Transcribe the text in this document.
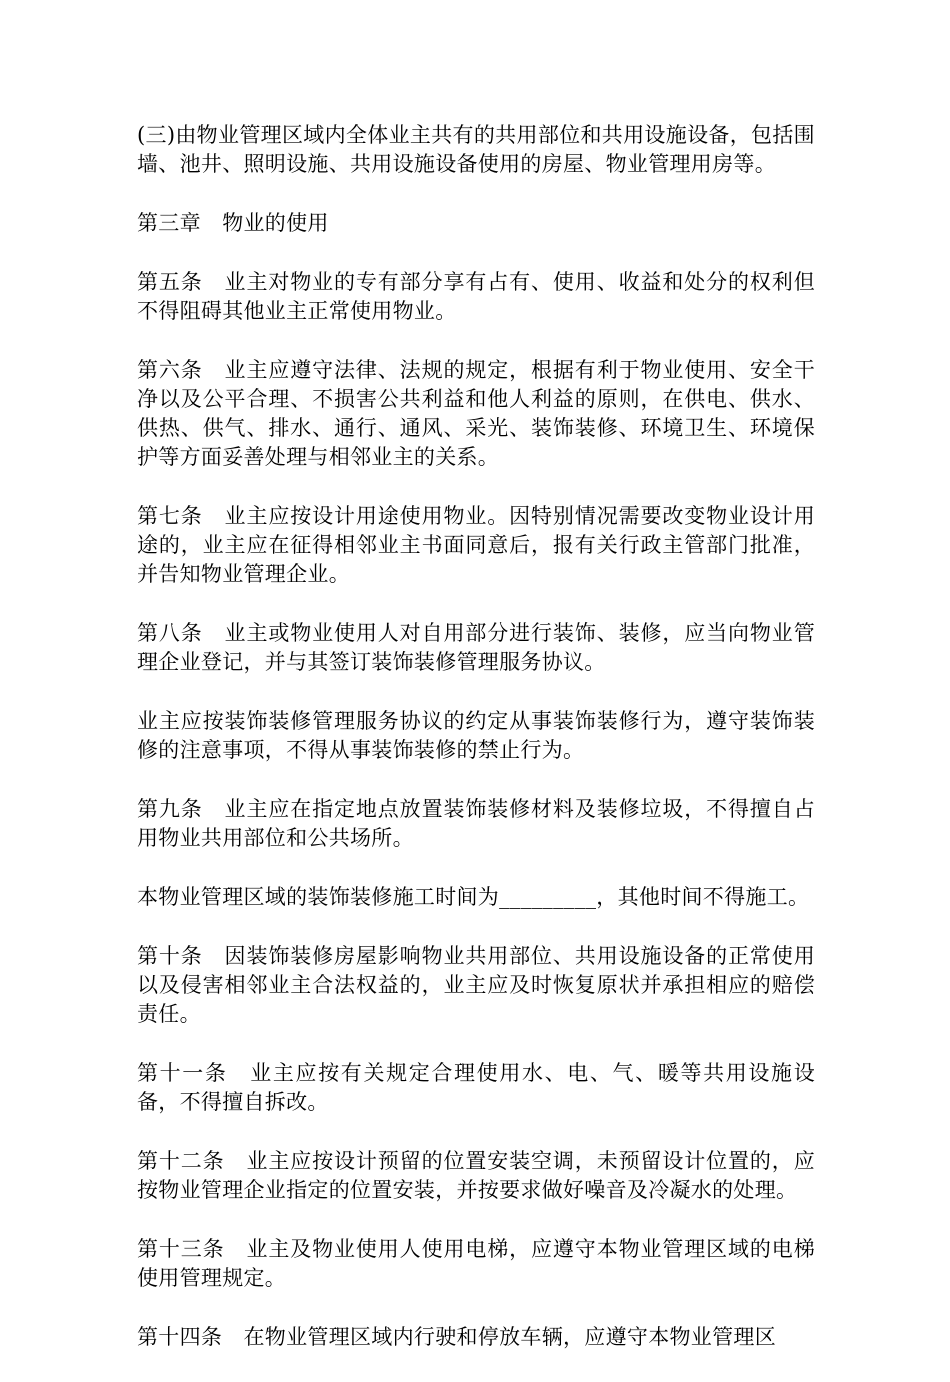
(三)由物业管理区域内全体业主共有的共用部位和共用设施设备，包括围墙、池井、照明设施、共用设施设备使用的房屋、物业管理用房等。

第三章　物业的使用

第五条　业主对物业的专有部分享有占有、使用、收益和处分的权利但不得阻碍其他业主正常使用物业。

第六条　业主应遵守法律、法规的规定，根据有利于物业使用、安全干净以及公平合理、不损害公共利益和他人利益的原则，在供电、供水、供热、供气、排水、通行、通风、采光、装饰装修、环境卫生、环境保护等方面妥善处理与相邻业主的关系。

第七条　业主应按设计用途使用物业。因特别情况需要改变物业设计用途的，业主应在征得相邻业主书面同意后，报有关行政主管部门批准，并告知物业管理企业。

第八条　业主或物业使用人对自用部分进行装饰、装修，应当向物业管理企业登记，并与其签订装饰装修管理服务协议。

业主应按装饰装修管理服务协议的约定从事装饰装修行为，遵守装饰装修的注意事项，不得从事装饰装修的禁止行为。

第九条　业主应在指定地点放置装饰装修材料及装修垃圾，不得擅自占用物业共用部位和公共场所。

本物业管理区域的装饰装修施工时间为_________，其他时间不得施工。

第十条　因装饰装修房屋影响物业共用部位、共用设施设备的正常使用以及侵害相邻业主合法权益的，业主应及时恢复原状并承担相应的赔偿责任。

第十一条　业主应按有关规定合理使用水、电、气、暖等共用设施设备，不得擅自拆改。

第十二条　业主应按设计预留的位置安装空调，未预留设计位置的，应按物业管理企业指定的位置安装，并按要求做好噪音及冷凝水的处理。

第十三条　业主及物业使用人使用电梯，应遵守本物业管理区域的电梯使用管理规定。

第十四条　在物业管理区域内行驶和停放车辆，应遵守本物业管理区
